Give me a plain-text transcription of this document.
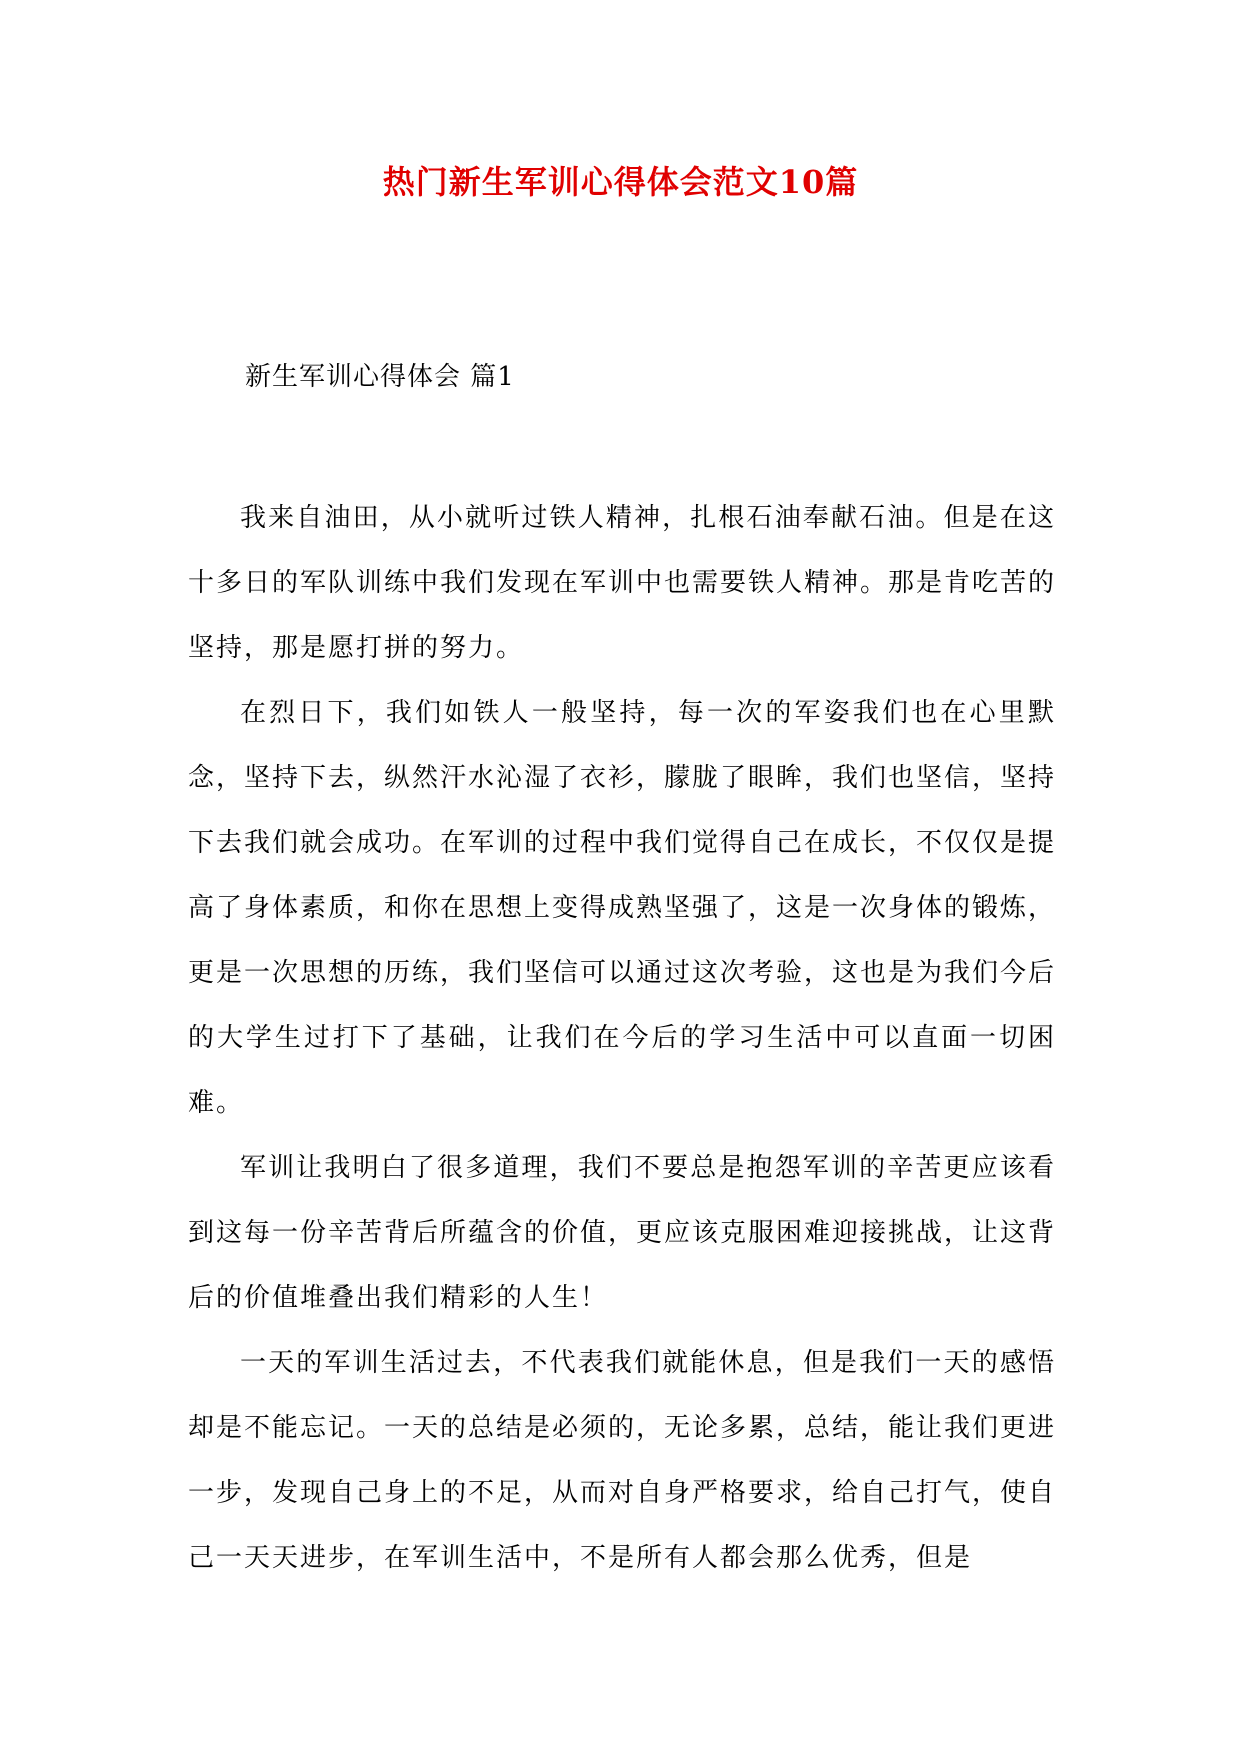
热门新生军训心得体会范文10篇
新生军训心得体会 篇1

我来自油田，从小就听过铁人精神，扎根石油奉献石油。但是在这十多日的军队训练中我们发现在军训中也需要铁人精神。那是肯吃苦的坚持，那是愿打拼的努力。

在烈日下，我们如铁人一般坚持，每一次的军姿我们也在心里默念，坚持下去，纵然汗水沁湿了衣衫，朦胧了眼眸，我们也坚信，坚持下去我们就会成功。在军训的过程中我们觉得自己在成长，不仅仅是提高了身体素质，和你在思想上变得成熟坚强了，这是一次身体的锻炼，更是一次思想的历练，我们坚信可以通过这次考验，这也是为我们今后的大学生过打下了基础，让我们在今后的学习生活中可以直面一切困难。

军训让我明白了很多道理，我们不要总是抱怨军训的辛苦更应该看到这每一份辛苦背后所蕴含的价值，更应该克服困难迎接挑战，让这背后的价值堆叠出我们精彩的人生！

一天的军训生活过去，不代表我们就能休息，但是我们一天的感悟却是不能忘记。一天的总结是必须的，无论多累，总结，能让我们更进一步，发现自己身上的不足，从而对自身严格要求，给自己打气，使自己一天天进步，在军训生活中，不是所有人都会那么优秀，但是
